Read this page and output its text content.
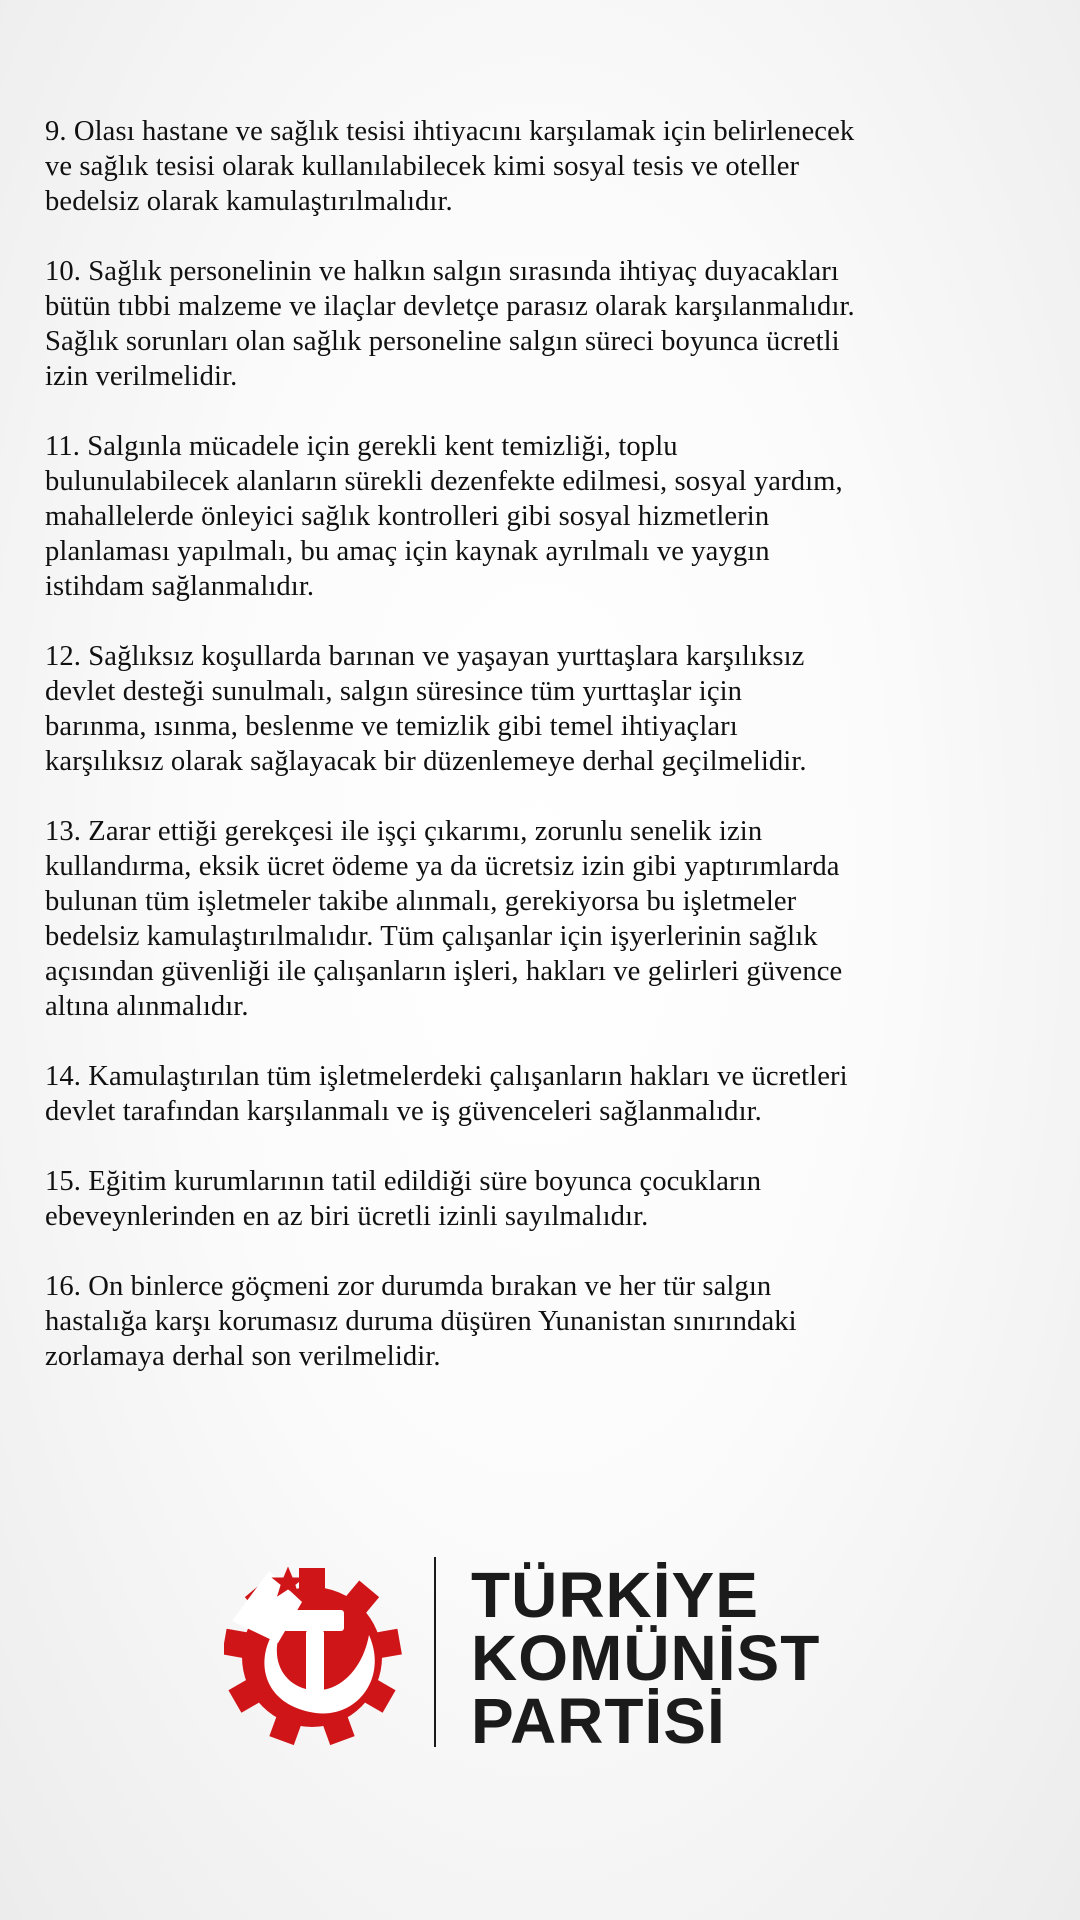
9. Olası hastane ve sağlık tesisi ihtiyacını karşılamak için belirlenecek
ve sağlık tesisi olarak kullanılabilecek kimi sosyal tesis ve oteller
bedelsiz olarak kamulaştırılmalıdır.

10. Sağlık personelinin ve halkın salgın sırasında ihtiyaç duyacakları
bütün tıbbi malzeme ve ilaçlar devletçe parasız olarak karşılanmalıdır.
Sağlık sorunları olan sağlık personeline salgın süreci boyunca ücretli
izin verilmelidir.

11. Salgınla mücadele için gerekli kent temizliği, toplu
bulunulabilecek alanların sürekli dezenfekte edilmesi, sosyal yardım,
mahallelerde önleyici sağlık kontrolleri gibi sosyal hizmetlerin
planlaması yapılmalı, bu amaç için kaynak ayrılmalı ve yaygın
istihdam sağlanmalıdır.

12. Sağlıksız koşullarda barınan ve yaşayan yurttaşlara karşılıksız
devlet desteği sunulmalı, salgın süresince tüm yurttaşlar için
barınma, ısınma, beslenme ve temizlik gibi temel ihtiyaçları
karşılıksız olarak sağlayacak bir düzenlemeye derhal geçilmelidir.

13. Zarar ettiği gerekçesi ile işçi çıkarımı, zorunlu senelik izin
kullandırma, eksik ücret ödeme ya da ücretsiz izin gibi yaptırımlarda
bulunan tüm işletmeler takibe alınmalı, gerekiyorsa bu işletmeler
bedelsiz kamulaştırılmalıdır. Tüm çalışanlar için işyerlerinin sağlık
açısından güvenliği ile çalışanların işleri, hakları ve gelirleri güvence
altına alınmalıdır.

14. Kamulaştırılan tüm işletmelerdeki çalışanların hakları ve ücretleri
devlet tarafından karşılanmalı ve iş güvenceleri sağlanmalıdır.

15. Eğitim kurumlarının tatil edildiği süre boyunca çocukların
ebeveynlerinden en az biri ücretli izinli sayılmalıdır.

16. On binlerce göçmeni zor durumda bırakan ve her tür salgın
hastalığa karşı korumasız duruma düşüren Yunanistan sınırındaki
zorlamaya derhal son verilmelidir.

TÜRKİYE
KOMÜNİST
PARTİSİ
